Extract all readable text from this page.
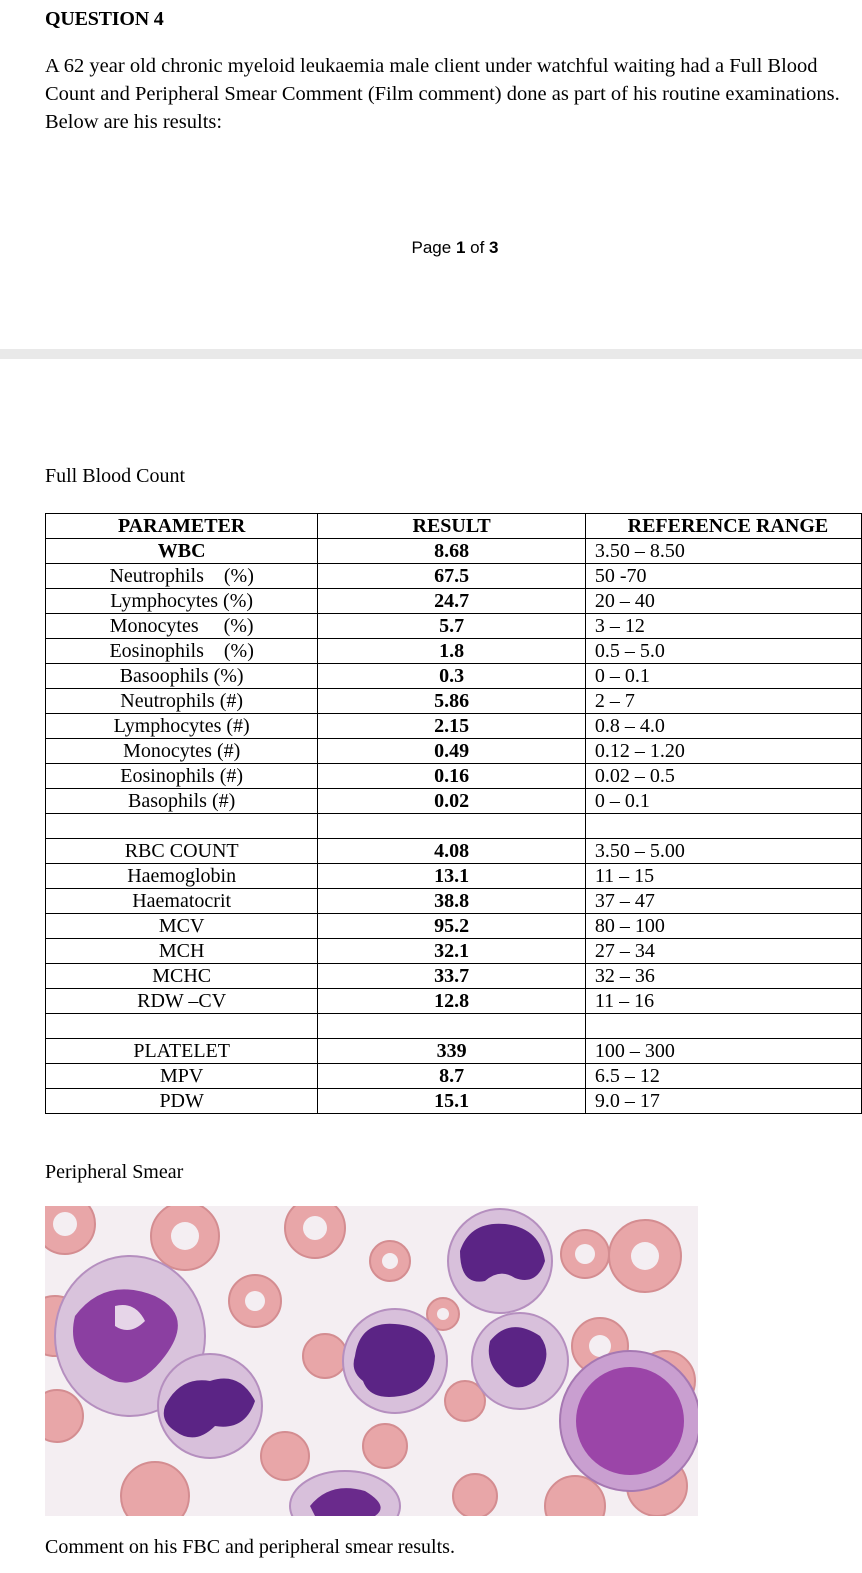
QUESTION 4
A 62 year old chronic myeloid leukaemia male client under watchful waiting had a Full Blood
Count and Peripheral Smear Comment (Film comment) done as part of his routine examinations.
Below are his results:
Page 1 of 3
Full Blood Count
PARAMETER	RESULT	REFERENCE RANGE
WBC	8.68	3.50 – 8.50
Neutrophils    (%)	67.5	50 -70
Lymphocytes (%)	24.7	20 – 40
Monocytes     (%)	5.7	3 – 12
Eosinophils    (%)	1.8	0.5 – 5.0
Basoophils (%)	0.3	0 – 0.1
Neutrophils (#)	5.86	2 – 7
Lymphocytes (#)	2.15	0.8 – 4.0
Monocytes (#)	0.49	0.12 – 1.20
Eosinophils (#)	0.16	0.02 – 0.5
Basophils (#)	0.02	0 – 0.1

RBC COUNT	4.08	3.50 – 5.00
Haemoglobin	13.1	11 – 15
Haematocrit	38.8	37 – 47
MCV	95.2	80 – 100
MCH	32.1	27 – 34
MCHC	33.7	32 – 36
RDW –CV	12.8	11 – 16

PLATELET	339	100 – 300
MPV	8.7	6.5 – 12
PDW	15.1	9.0 – 17
Peripheral Smear
Comment on his FBC and peripheral smear results.
